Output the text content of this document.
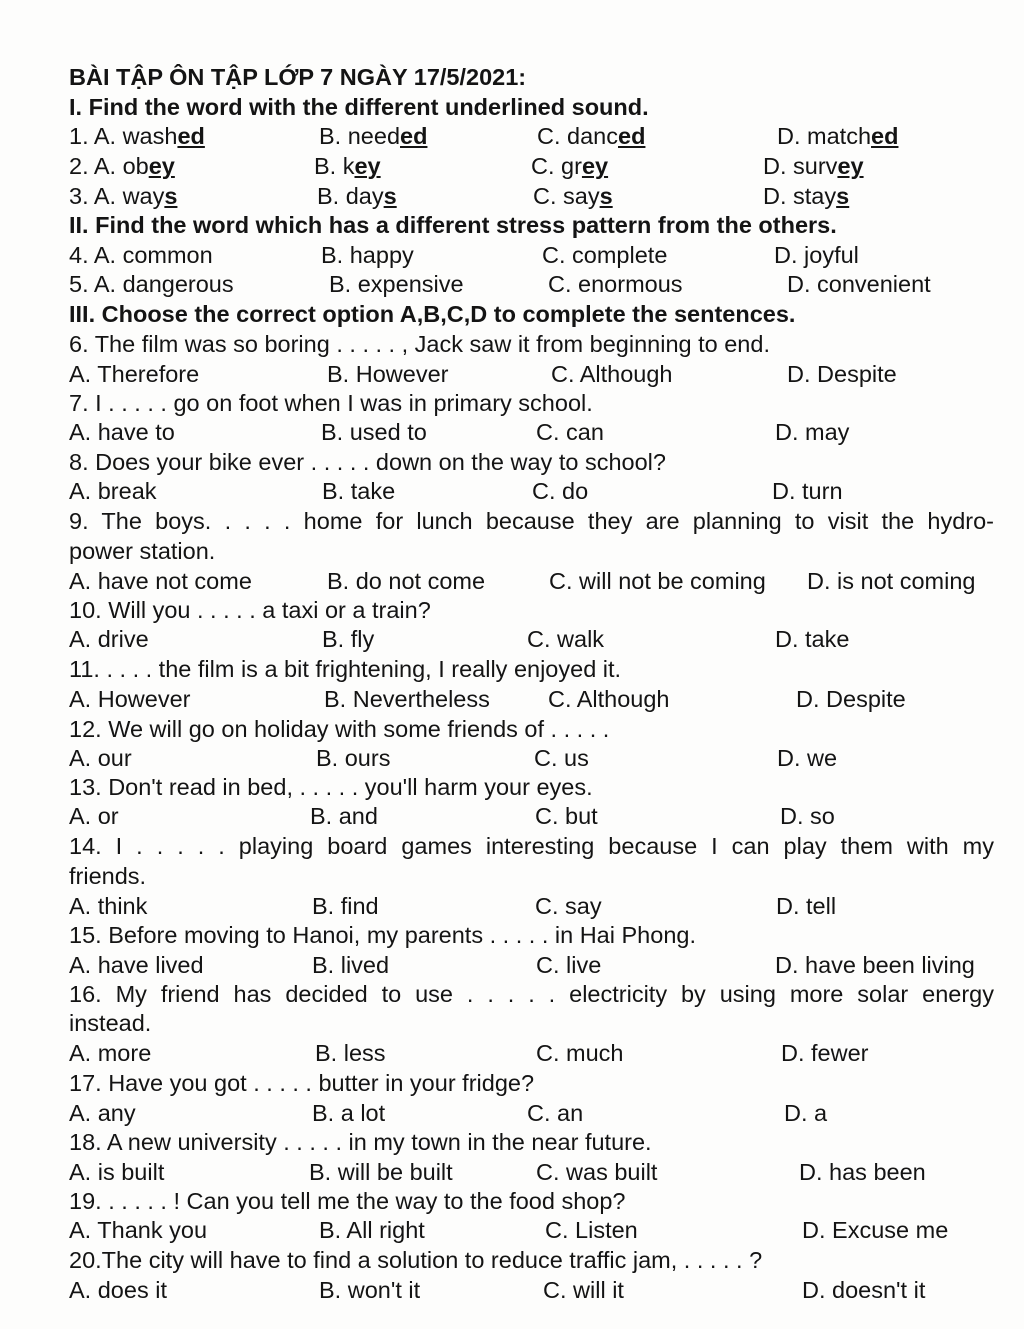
BÀI TẬP ÔN TẬP LỚP 7 NGÀY 17/5/2021:
I. Find the word with the different underlined sound.
1. A. washed	B. needed	C. danced	D. matched
2. A. obey	B. key	C. grey	D. survey
3. A. ways	B. days	C. says	D. stays
II. Find the word which has a different stress pattern from the others.
4. A. common	B. happy	C. complete	D. joyful
5. A. dangerous	B. expensive	C. enormous	D. convenient
III. Choose the correct option A,B,C,D to complete the sentences.
6. The film was so boring . . . . . , Jack saw it from beginning to end.
A. Therefore	B. However	C. Although	D. Despite
7. I . . . . . go on foot when I was in primary school.
A. have to	B. used to	C. can	D. may
8. Does your bike ever . . . . . down on the way to school?
A. break	B. take	C. do	D. turn
9. The boys. . . . . home for lunch because they are planning to visit the hydro-
power station.
A. have not come	B. do not come	C. will not be coming D. is not coming
10. Will you . . . . . a taxi or a train?
A. drive	B. fly	C. walk	D. take
11. . . . . the film is a bit frightening, I really enjoyed it.
A. However	B. Nevertheless C. Although	D. Despite
12. We will go on holiday with some friends of . . . . .
A. our	B. ours	C. us	D. we
13. Don't read in bed, . . . . . you'll harm your eyes.
A. or	B. and	C. but	D. so
14. I . . . . . playing board games interesting because I can play them with my
friends.
A. think	B. find	C. say	D. tell
15. Before moving to Hanoi, my parents . . . . . in Hai Phong.
A. have lived	B. lived	C. live	D. have been living
16. My friend has decided to use . . . . . electricity by using more solar energy
instead.
A. more	B. less	C. much	D. fewer
17. Have you got . . . . . butter in your fridge?
A. any	B. a lot	C. an	D. a
18. A new university . . . . . in my town in the near future.
A. is built	B. will be built	C. was built	D. has been
19. . . . . . ! Can you tell me the way to the food shop?
A. Thank you	B. All right	C. Listen	D. Excuse me
20.The city will have to find a solution to reduce traffic jam, . . . . . ?
A. does it	B. won't it	C. will it	D. doesn't it
